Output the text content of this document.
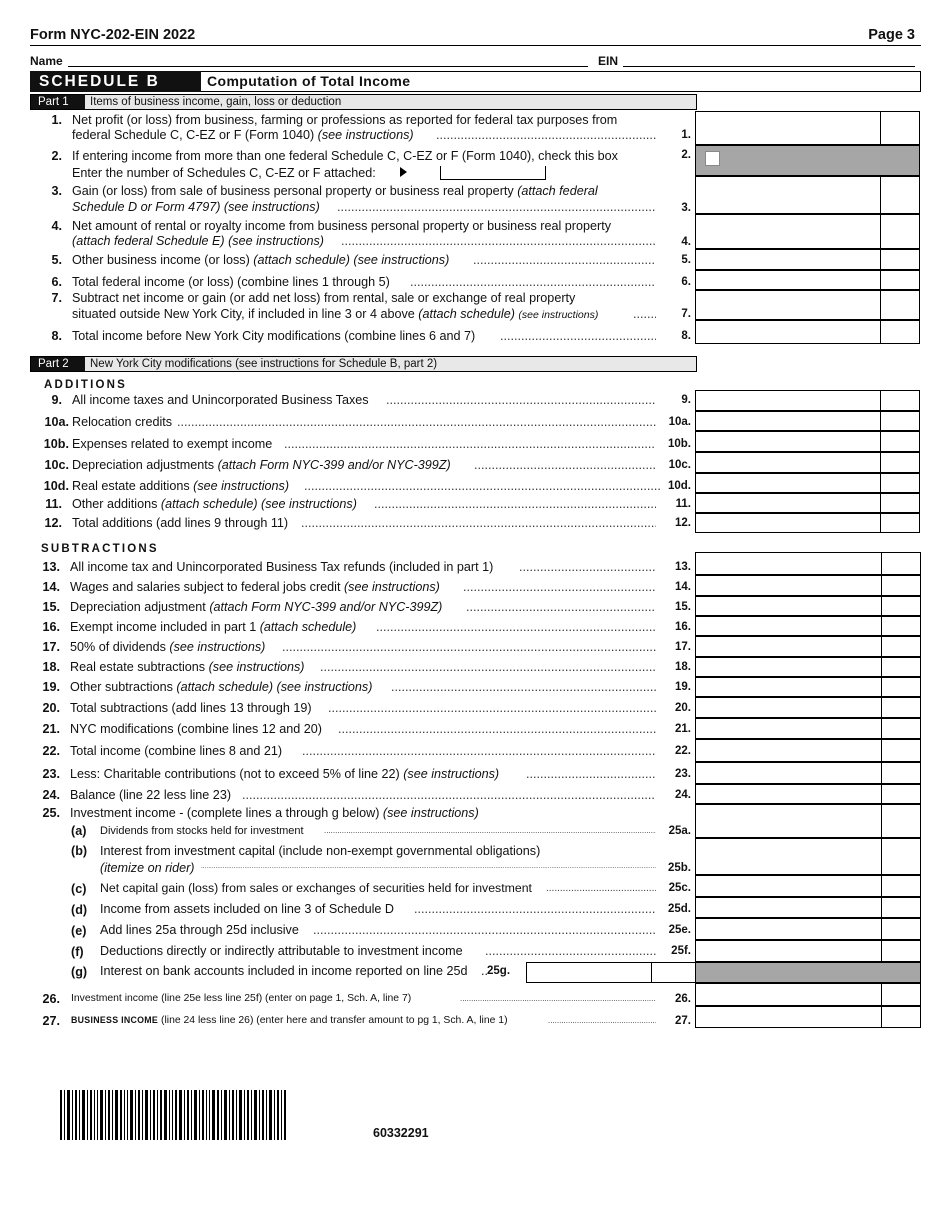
Form NYC-202-EIN 2022	Page 3
Name	EIN
SCHEDULE B	Computation of Total Income
Part 1	Items of business income, gain, loss or deduction
1. Net profit (or loss) from business, farming or professions as reported for federal tax purposes from
federal Schedule C, C-EZ or F (Form 1040) (see instructions) .....	1.
2. If entering income from more than one federal Schedule C, C-EZ or F (Form 1040), check this box	2.
Enter the number of Schedules C, C-EZ or F attached:
3. Gain (or loss) from sale of business personal property or business real property (attach federal
Schedule D or Form 4797) (see instructions) .....	3.
4. Net amount of rental or royalty income from business personal property or business real property
(attach federal Schedule E) (see instructions) .....	4.
5. Other business income (or loss) (attach schedule) (see instructions) .....	5.
6. Total federal income (or loss) (combine lines 1 through 5) .....	6.
7. Subtract net income or gain (or add net loss) from rental, sale or exchange of real property
situated outside New York City, if included in line 3 or 4 above (attach schedule) (see instructions) .....	7.
8. Total income before New York City modifications (combine lines 6 and 7) .....	8.
Part 2	New York City modifications (see instructions for Schedule B, part 2)
ADDITIONS
9. All income taxes and Unincorporated Business Taxes .....	9.
10a. Relocation credits .....	10a.
10b. Expenses related to exempt income .....	10b.
10c. Depreciation adjustments (attach Form NYC-399 and/or NYC-399Z) .....	10c.
10d. Real estate additions (see instructions) .....	10d.
11. Other additions (attach schedule) (see instructions) .....	11.
12. Total additions (add lines 9 through 11) .....	12.
SUBTRACTIONS
13. All income tax and Unincorporated Business Tax refunds (included in part 1) .....	13.
14. Wages and salaries subject to federal jobs credit (see instructions) .....	14.
15. Depreciation adjustment (attach Form NYC-399 and/or NYC-399Z) .....	15.
16. Exempt income included in part 1 (attach schedule) .....	16.
17. 50% of dividends (see instructions) .....	17.
18. Real estate subtractions (see instructions) .....	18.
19. Other subtractions (attach schedule) (see instructions) .....	19.
20. Total subtractions (add lines 13 through 19) .....	20.
21. NYC modifications (combine lines 12 and 20) .....	21.
22. Total income (combine lines 8 and 21) .....	22.
23. Less: Charitable contributions (not to exceed 5% of line 22) (see instructions) .....	23.
24. Balance (line 22 less line 23) .....	24.
25. Investment income - (complete lines a through g below) (see instructions)
(a) Dividends from stocks held for investment .....	25a.
(b) Interest from investment capital (include non-exempt governmental obligations)
(itemize on rider) .....	25b.
(c) Net capital gain (loss) from sales or exchanges of securities held for investment .....	25c.
(d) Income from assets included on line 3 of Schedule D .....	25d.
(e) Add lines 25a through 25d inclusive .....	25e.
(f) Deductions directly or indirectly attributable to investment income .....	25f.
(g) Interest on bank accounts included in income reported on line 25d .. 25g.
26. Investment income (line 25e less line 25f) (enter on page 1, Sch. A, line 7) .....	26.
27. BUSINESS INCOME (line 24 less line 26) (enter here and transfer amount to pg 1, Sch. A, line 1) .....	27.
60332291
